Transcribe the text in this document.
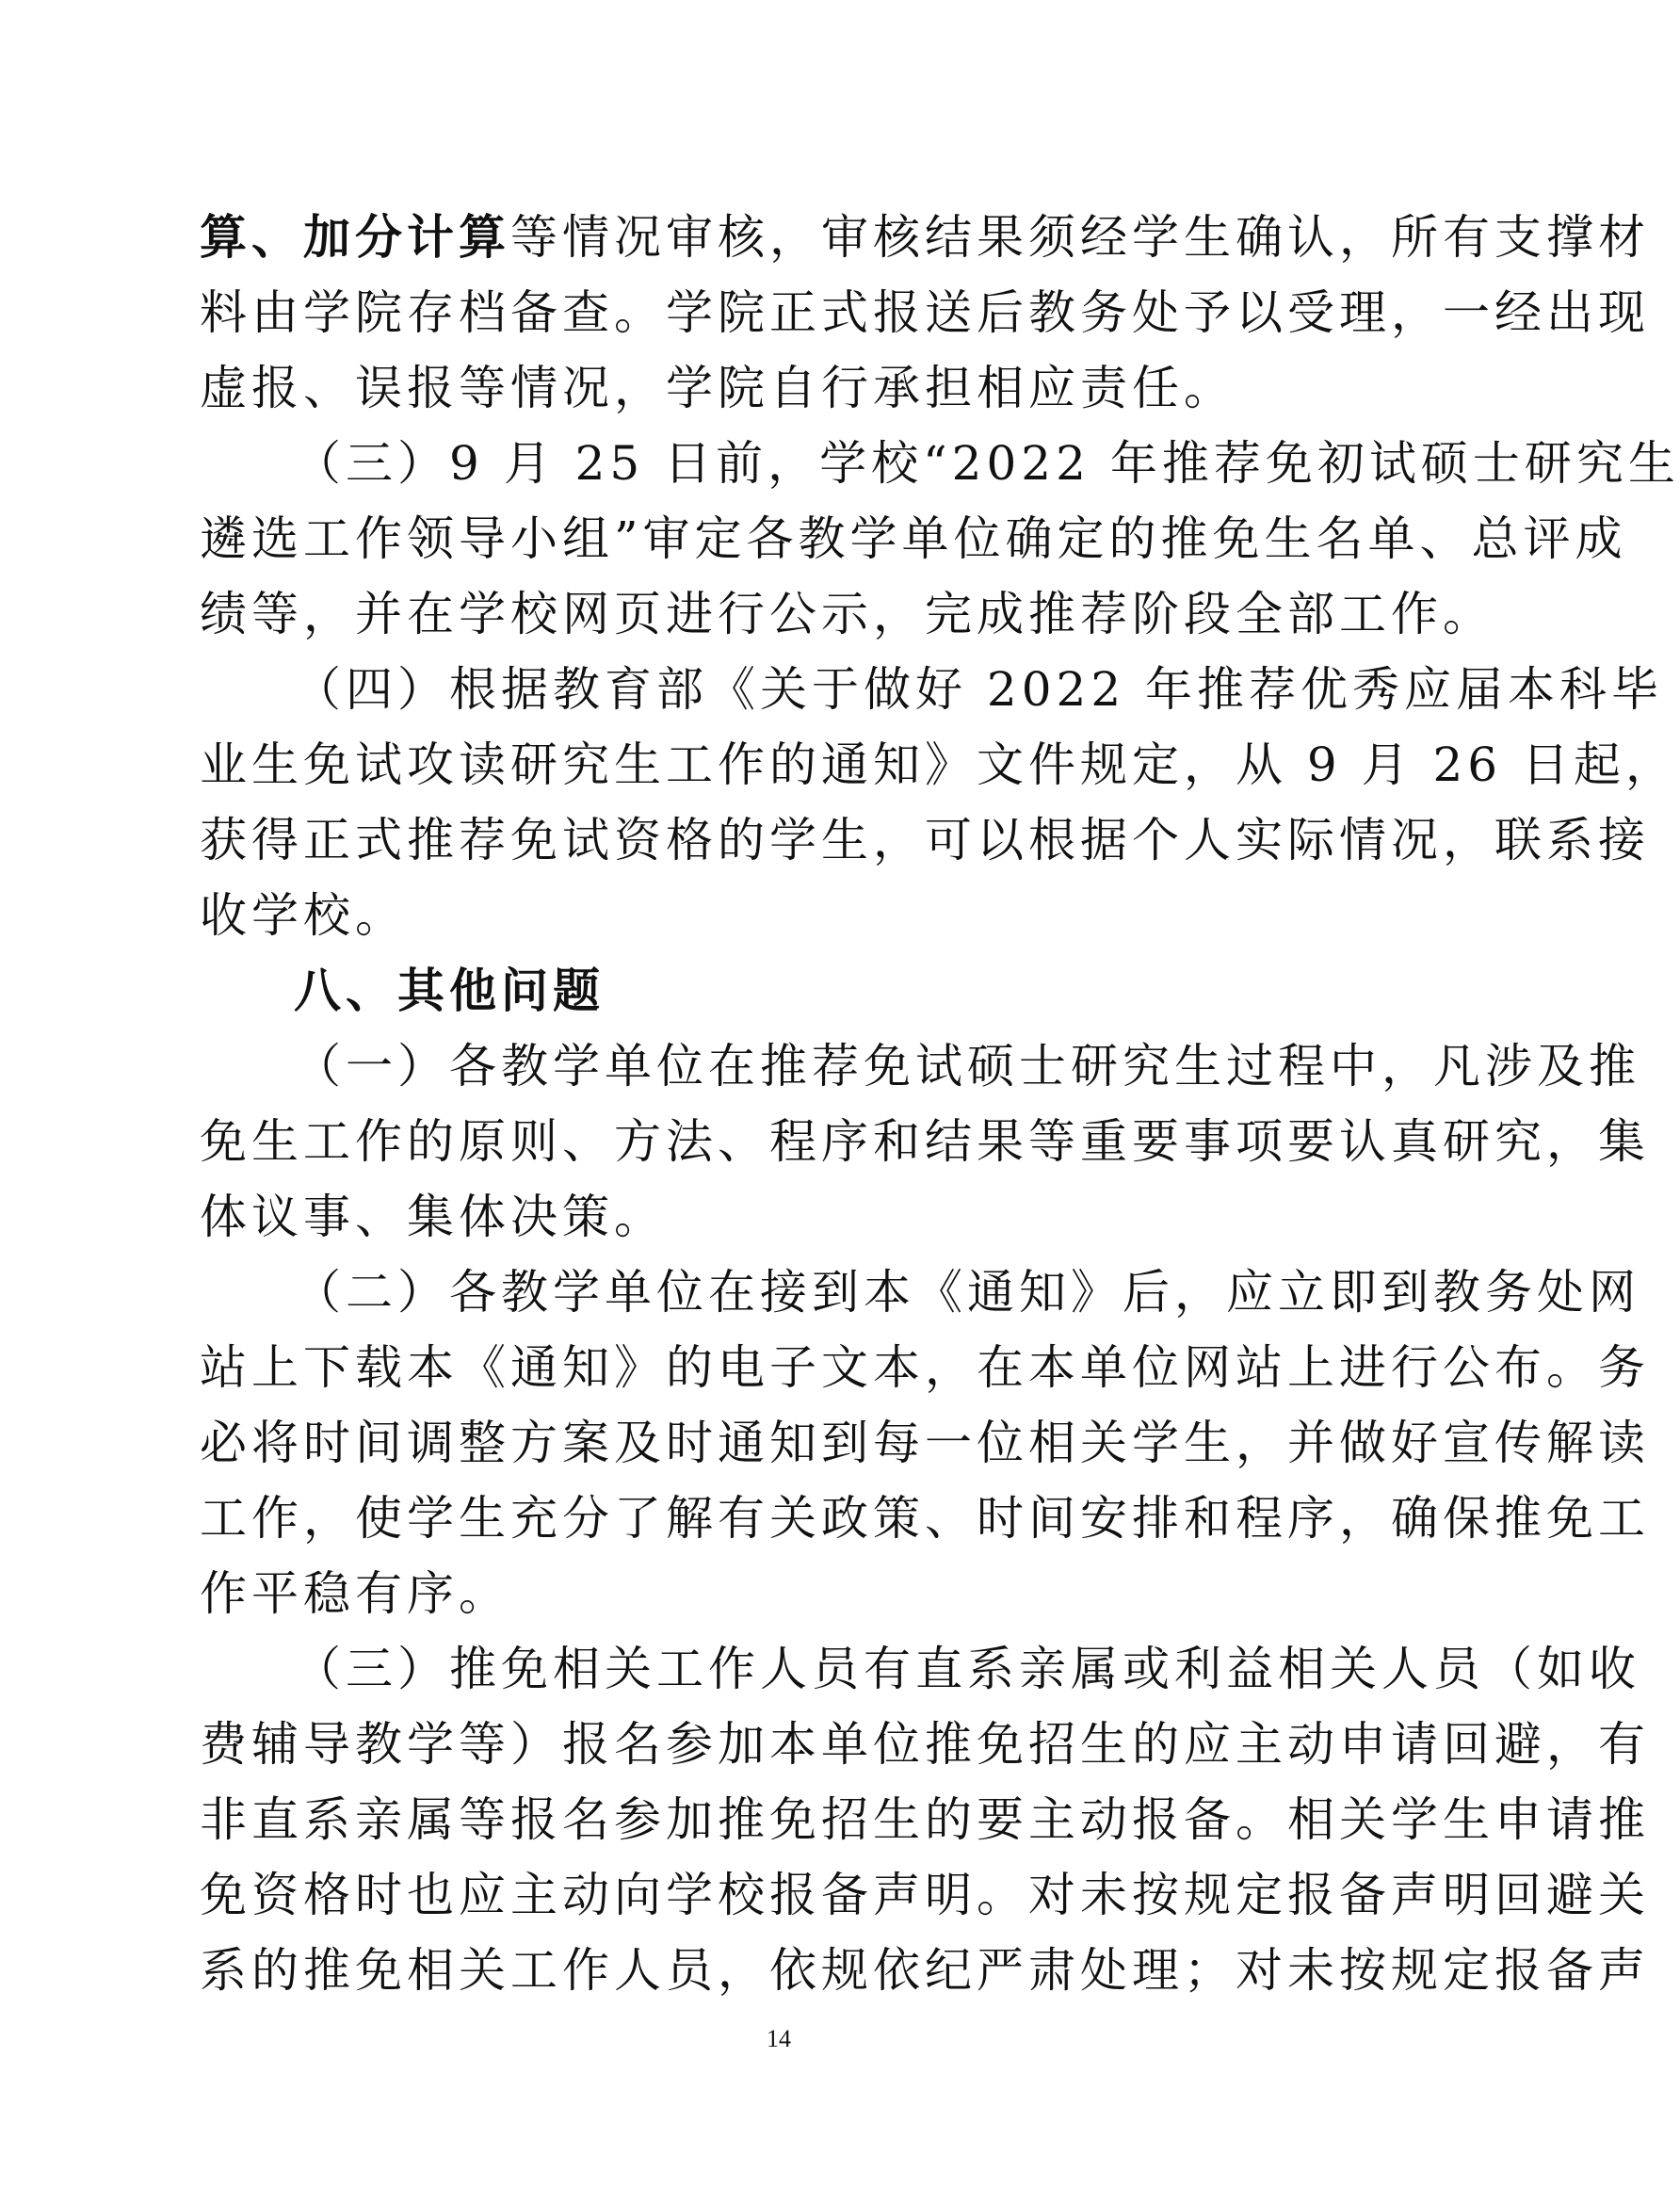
算、加分计算等情况审核，审核结果须经学生确认，所有支撑材
料由学院存档备查。学院正式报送后教务处予以受理，一经出现
虚报、误报等情况，学院自行承担相应责任。
（三）9 月 25 日前，学校“2022 年推荐免初试硕士研究生
遴选工作领导小组”审定各教学单位确定的推免生名单、总评成
绩等，并在学校网页进行公示，完成推荐阶段全部工作。
（四）根据教育部《关于做好 2022 年推荐优秀应届本科毕
业生免试攻读研究生工作的通知》文件规定，从 9 月 26 日起，
获得正式推荐免试资格的学生，可以根据个人实际情况，联系接
收学校。
八、其他问题
（一）各教学单位在推荐免试硕士研究生过程中，凡涉及推
免生工作的原则、方法、程序和结果等重要事项要认真研究，集
体议事、集体决策。
（二）各教学单位在接到本《通知》后，应立即到教务处网
站上下载本《通知》的电子文本，在本单位网站上进行公布。务
必将时间调整方案及时通知到每一位相关学生，并做好宣传解读
工作，使学生充分了解有关政策、时间安排和程序，确保推免工
作平稳有序。
（三）推免相关工作人员有直系亲属或利益相关人员（如收
费辅导教学等）报名参加本单位推免招生的应主动申请回避，有
非直系亲属等报名参加推免招生的要主动报备。相关学生申请推
免资格时也应主动向学校报备声明。对未按规定报备声明回避关
系的推免相关工作人员，依规依纪严肃处理；对未按规定报备声
14
